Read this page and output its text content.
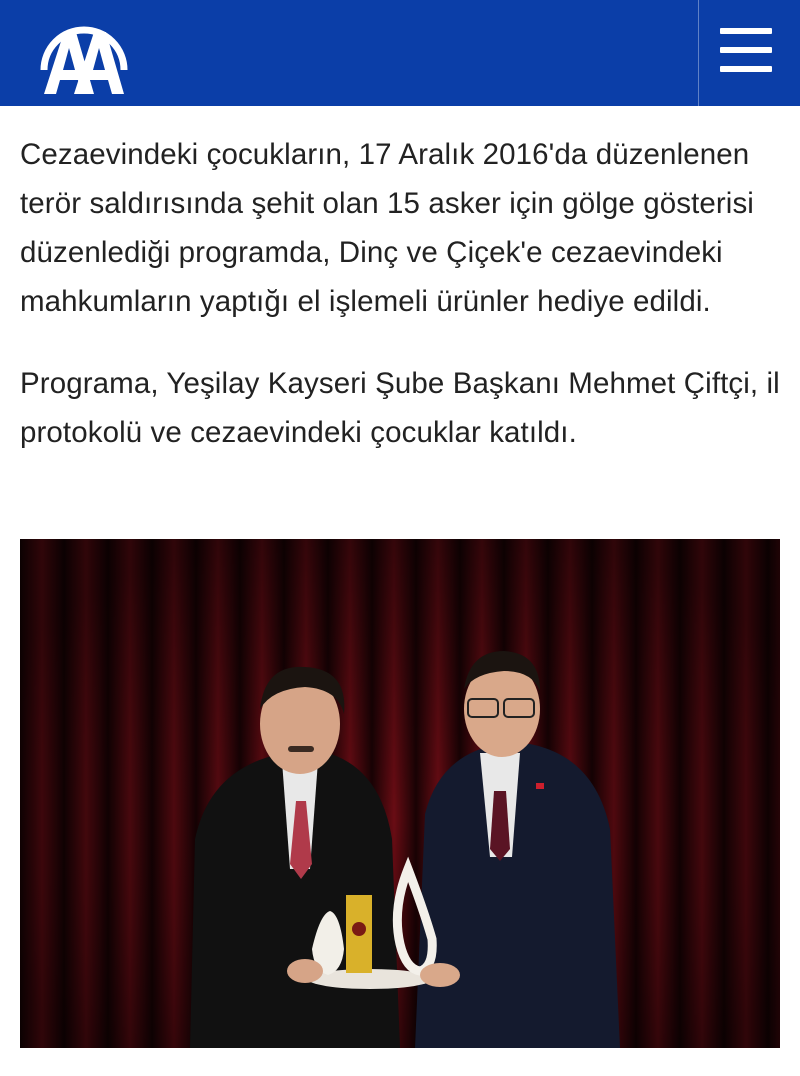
Cezaevindeki çocukların, 17 Aralık 2016'da düzenlenen terör saldırısında şehit olan 15 asker için gölge gösterisi düzenlediği programda, Dinç ve Çiçek'e cezaevindeki mahkumların yaptığı el işlemeli ürünler hediye edildi.

Programa, Yeşilay Kayseri Şube Başkanı Mehmet Çiftçi, il protokolü ve cezaevindeki çocuklar katıldı.
